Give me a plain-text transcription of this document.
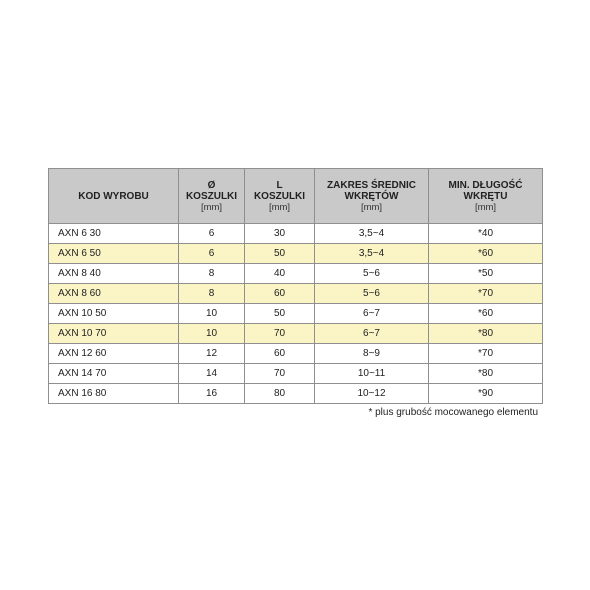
KOD WYROBU	Ø
KOSZULKI
[mm]	L
KOSZULKI
[mm]	ZAKRES ŚREDNIC
WKRĘTÓW
[mm]	MIN. DŁUGOŚĆ
WKRĘTU
[mm]

AXN 6 30	6	30	3,5~4	*40
AXN 6 50	6	50	3,5~4	*60
AXN 8 40	8	40	5~6	*50
AXN 8 60	8	60	5~6	*70
AXN 10 50	10	50	6~7	*60
AXN 10 70	10	70	6~7	*80
AXN 12 60	12	60	8~9	*70
AXN 14 70	14	70	10~11	*80
AXN 16 80	16	80	10~12	*90
* plus grubość mocowanego elementu
